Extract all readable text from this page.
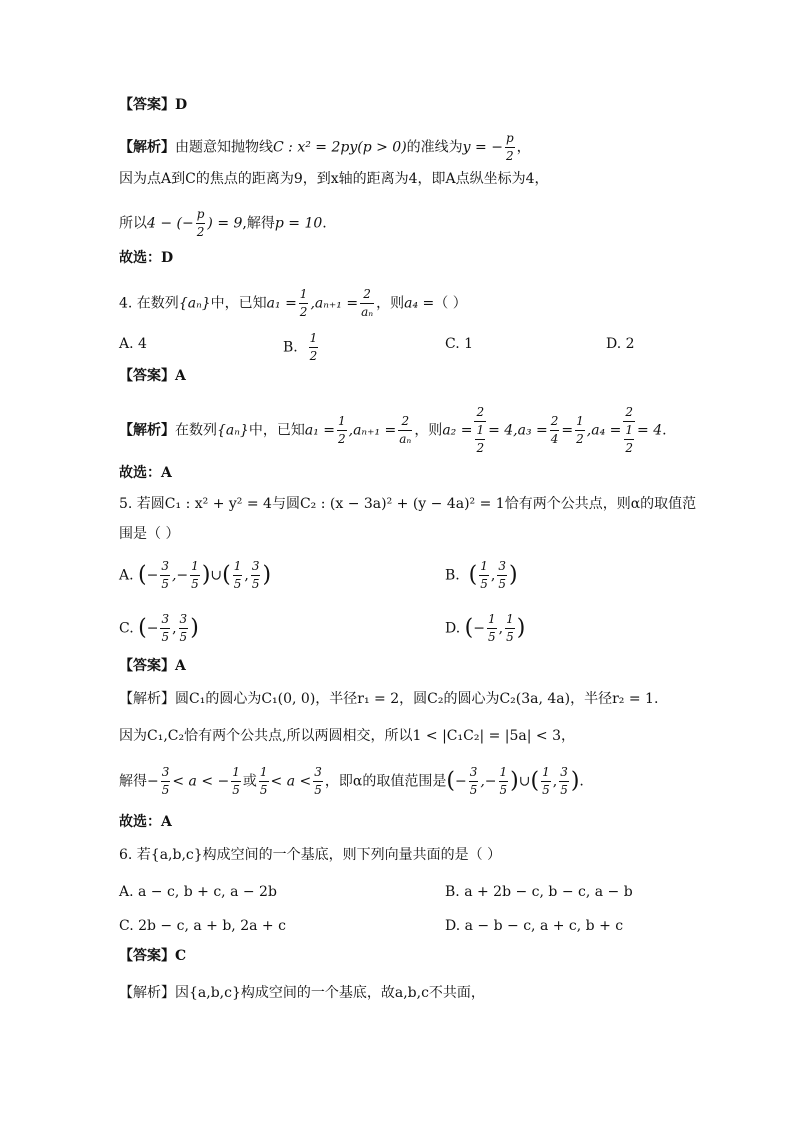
【答案】D
【解析】由题意知抛物线C : x² = 2py(p > 0)的准线为y = − $\frac{p}{2}$ ，
因为点A到C的焦点的距离为9，到x轴的距离为4，即A点纵坐标为4，
所以4 − (− $\frac{p}{2}$ ) = 9,解得p = 10.
故选：D
4. 在数列{aₙ}中，已知$a_1 = \frac{1}{2} ,a_{n+1} = \frac{2}{\text{aₙ}}$ ，则a₄ =（ ）
A. 4	B. $\frac{1}{2}$	C. 1	D. 2
【答案】A
【解析】在数列{aₙ}中，已知$a_1 = \frac{1}{2} ,a_{n+1} = \frac{2}{\text{aₙ}}$ ，则a₂ = 2
1
$2 = 4,a_3 = \frac{2}{4} = \frac{1}{2} ,a_4 = 2$
1
2 = 4.
故选：A
5. 若圆C₁ : x² + y² = 4与圆C₂ : (x − 3a)² + (y − 4a)² = 1恰有两个公共点，则α的取值范
围是（ ）
A. (− $\frac{3}{5}$ ,− $\frac{1}{5}$ )∪( $\frac{1}{5}$ , $\frac{3}{5}$ )	B. ( $\frac{1}{5}$ , $\frac{3}{5}$ )
C. (− $\frac{3}{5}$ , $\frac{3}{5}$ )	D. (− $\frac{1}{5}$ , $\frac{1}{5}$ )
【答案】A
【解析】圆C₁的圆心为C₁(0, 0)，半径r₁ = 2，圆C₂的圆心为C₂(3a, 4a)，半径r₂ = 1.
因为C₁,C₂恰有两个公共点,所以两圆相交，所以1 < |C₁C₂| = |5a| < 3，
解得− $\frac{3}{5} < a$ < − $\frac{1}{5}$ 或 $\frac{1}{5} < a < \frac{3}{5}$ ，即α的取值范围是(− $\frac{3}{5}$ ,− $\frac{1}{5}$ )∪( $\frac{1}{5}$ , $\frac{3}{5}$ ).
故选：A
6. 若{a,b,c}构成空间的一个基底，则下列向量共面的是（ ）
A. a − c, b + c, a − 2b	B. a + 2b − c, b − c, a − b
C. 2b − c, a + b, 2a + c	D. a − b − c, a + c, b + c
【答案】C
【解析】因{a,b,c}构成空间的一个基底，故a,b,c不共面，
